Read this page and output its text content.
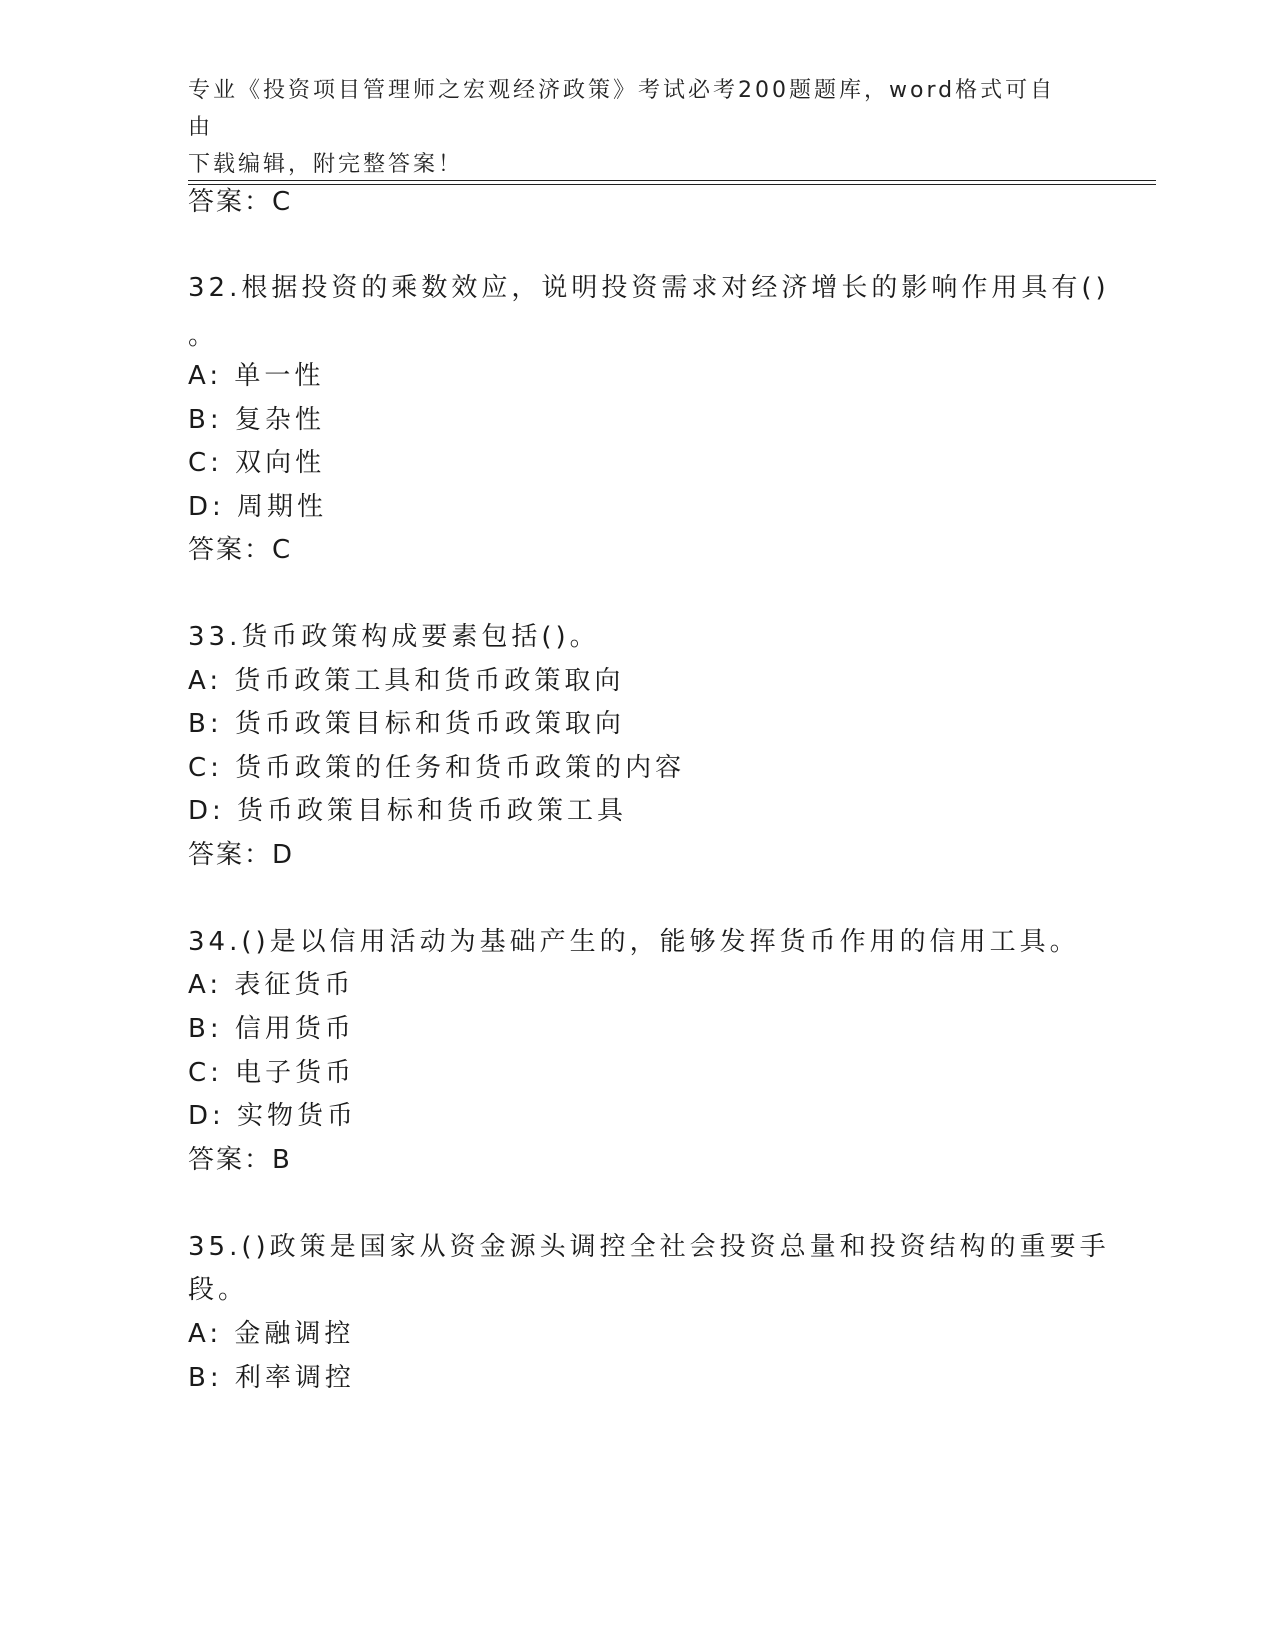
专业《投资项目管理师之宏观经济政策》考试必考200题题库，word格式可自由
下载编辑，附完整答案！
答案：C
32.根据投资的乘数效应，说明投资需求对经济增长的影响作用具有()
。
A: 单一性
B: 复杂性
C: 双向性
D: 周期性
答案：C
33.货币政策构成要素包括()。
A: 货币政策工具和货币政策取向
B: 货币政策目标和货币政策取向
C: 货币政策的任务和货币政策的内容
D: 货币政策目标和货币政策工具
答案：D
34.()是以信用活动为基础产生的，能够发挥货币作用的信用工具。
A: 表征货币
B: 信用货币
C: 电子货币
D: 实物货币
答案：B
35.()政策是国家从资金源头调控全社会投资总量和投资结构的重要手
段。
A: 金融调控
B: 利率调控
